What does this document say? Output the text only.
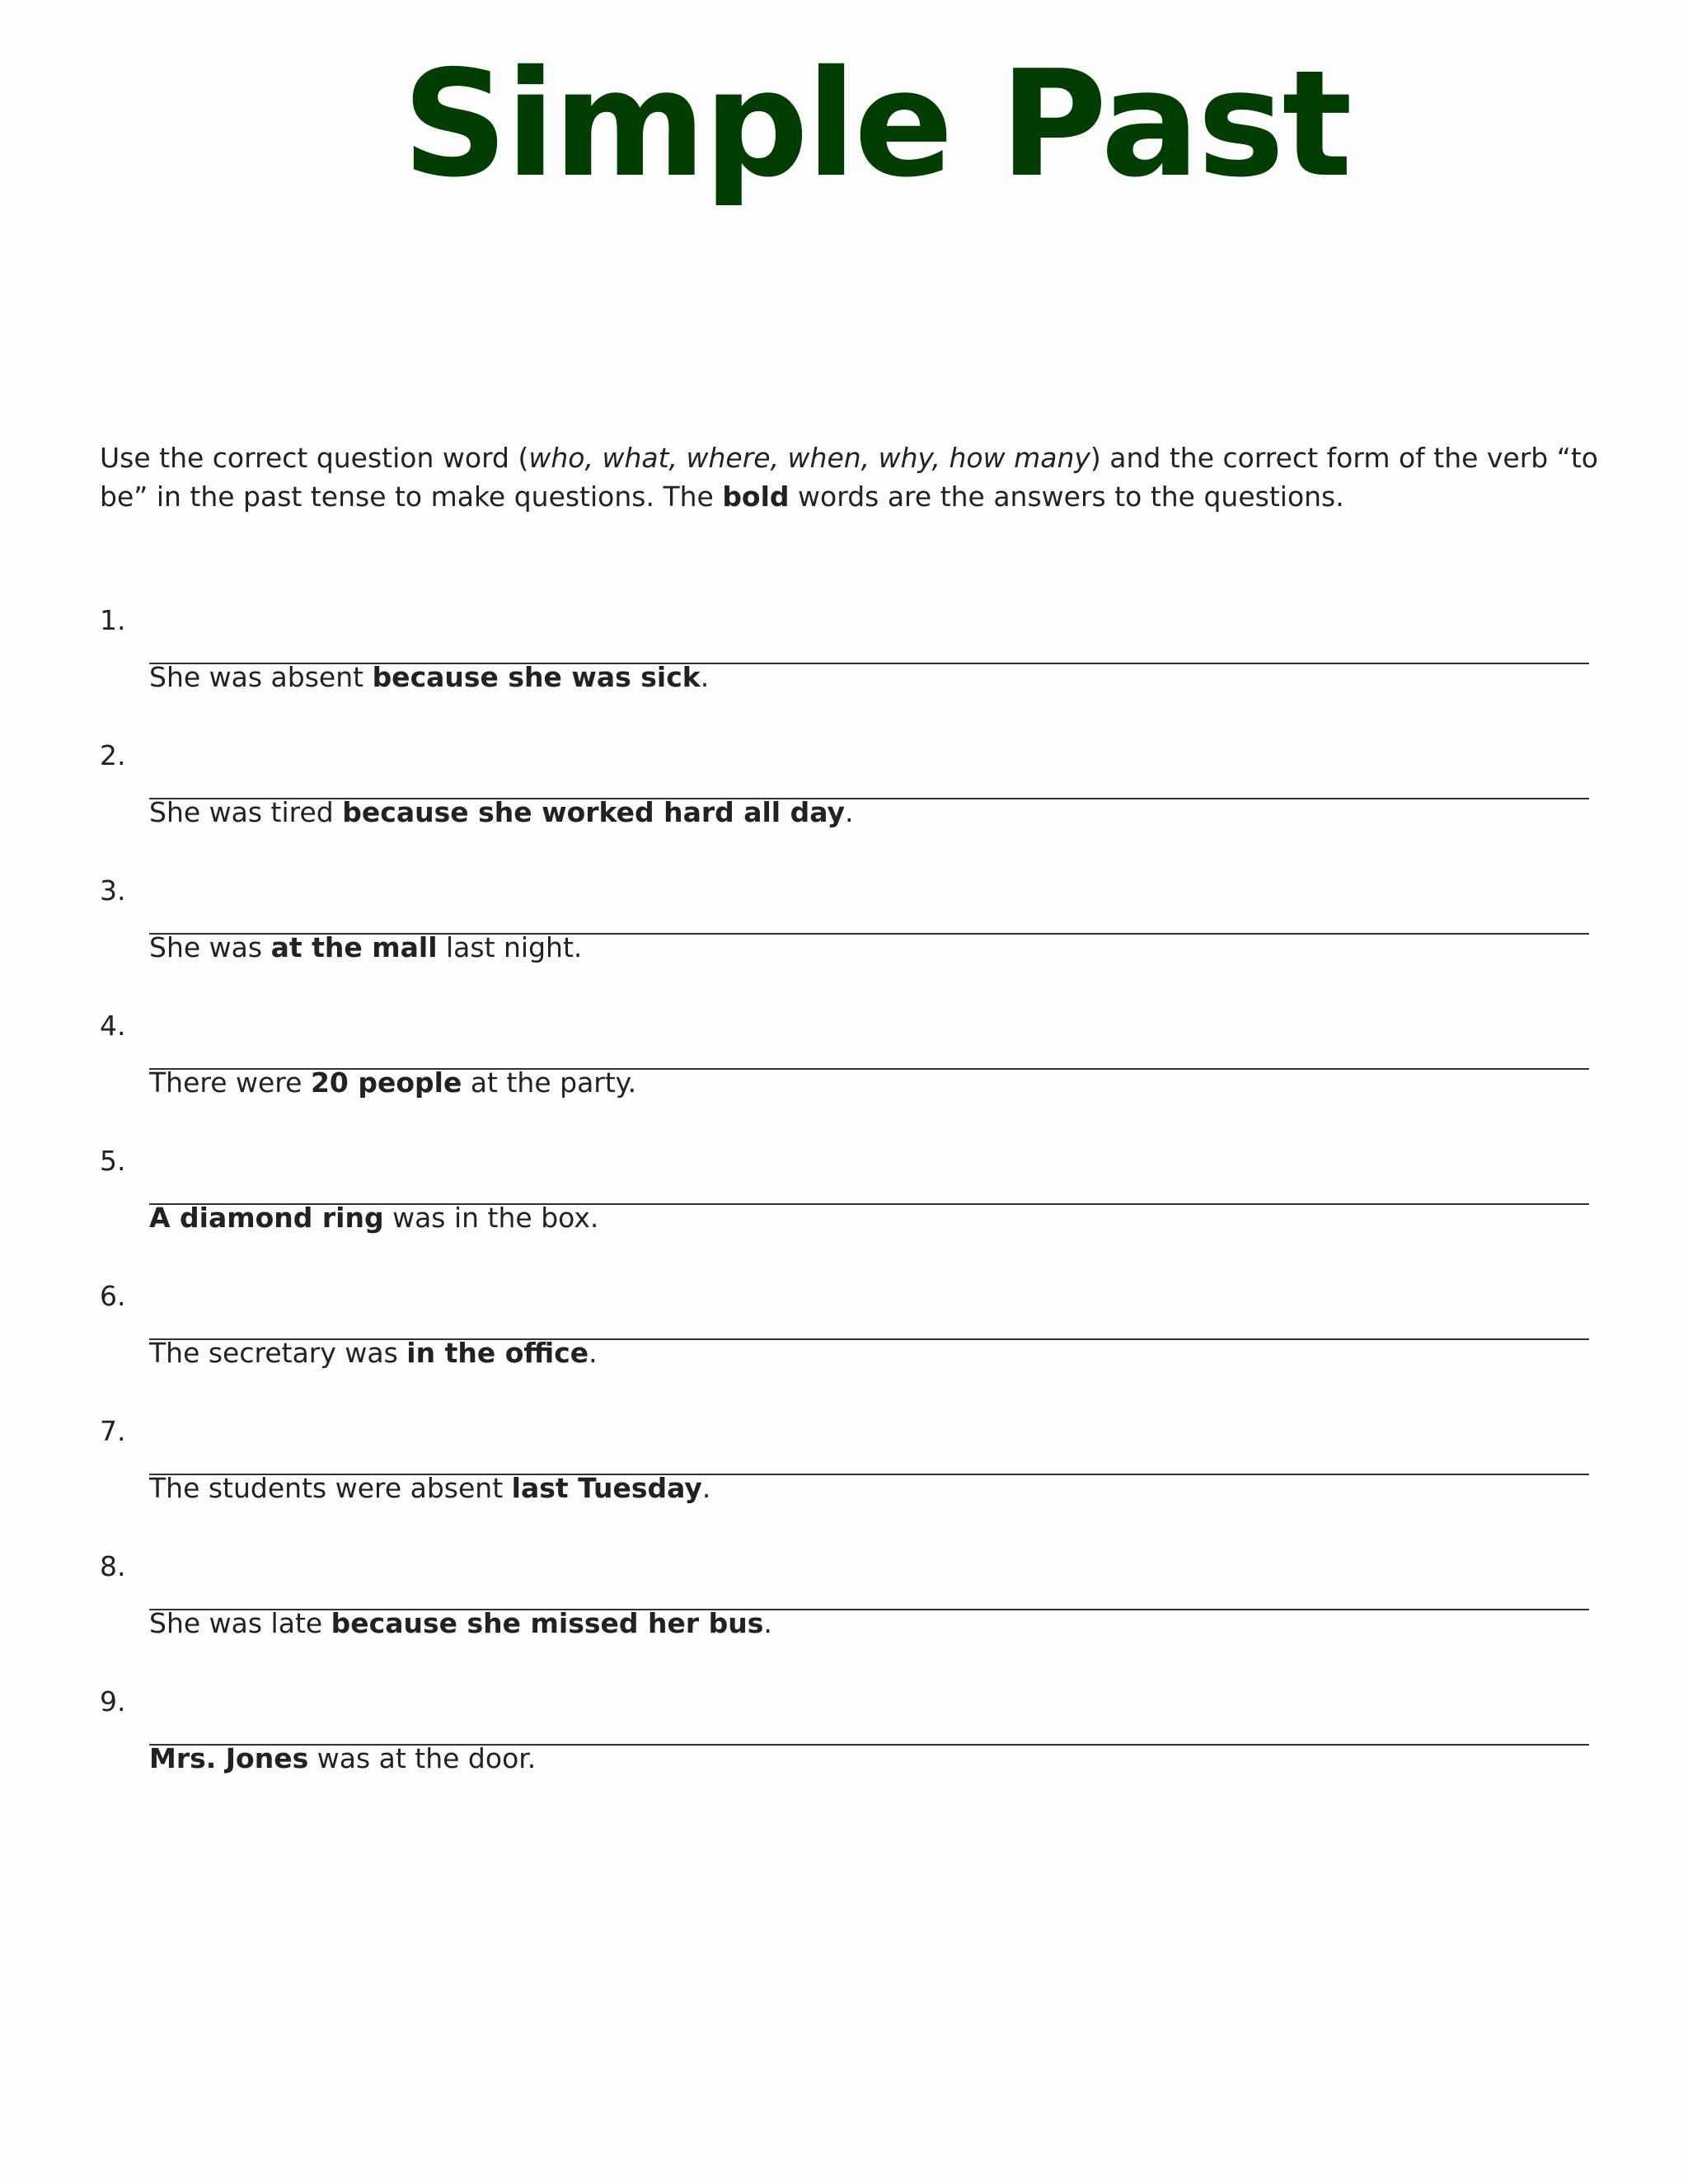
Simple Past

Use the correct question word (who, what, where, when, why, how many) and the correct form of the verb “to be” in the past tense to make questions. The bold words are the answers to the questions.

1.
She was absent because she was sick.
2.
She was tired because she worked hard all day.
3.
She was at the mall last night.
4.
There were 20 people at the party.
5.
A diamond ring was in the box.
6.
The secretary was in the office.
7.
The students were absent last Tuesday.
8.
She was late because she missed her bus.
9.
Mrs. Jones was at the door.
